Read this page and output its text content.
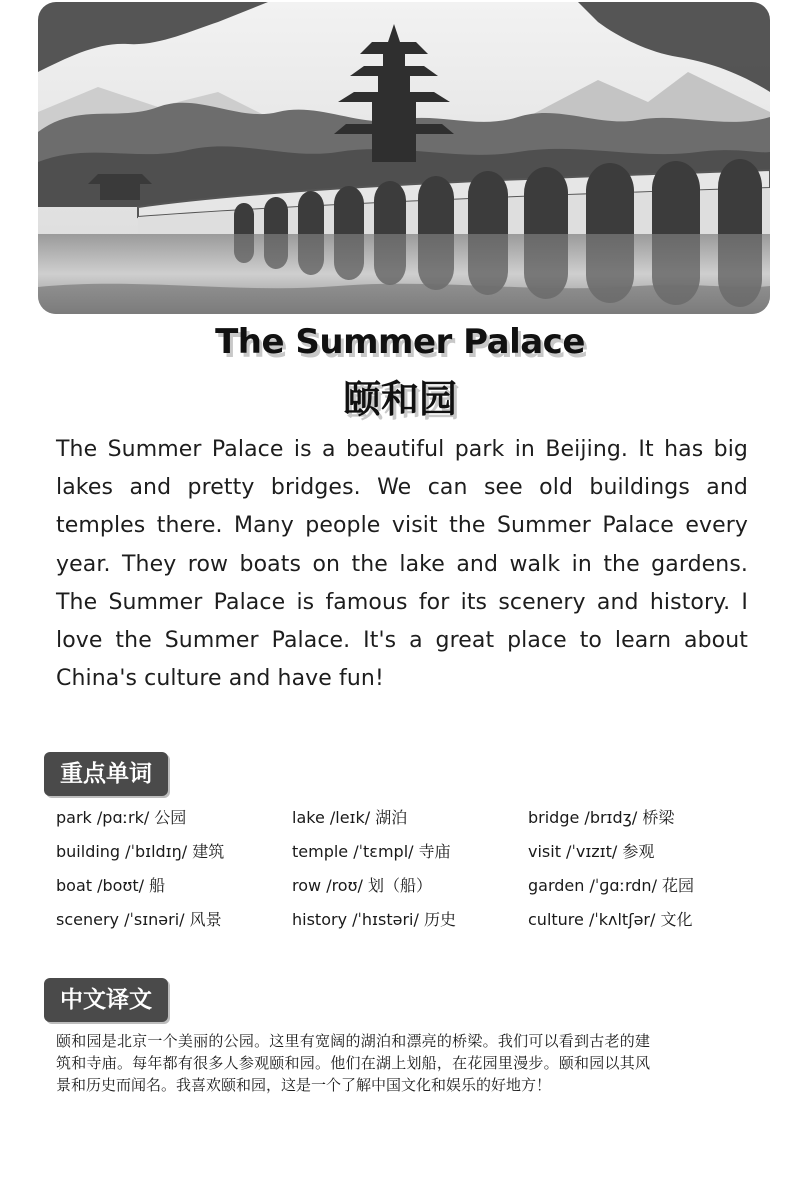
The Summer Palace
颐和园
The Summer Palace is a beautiful park in Beijing. It has big lakes and pretty bridges. We can see old buildings and temples there. Many people visit the Summer Palace every year. They row boats on the lake and walk in the gardens. The Summer Palace is famous for its scenery and history. I love the Summer Palace. It's a great place to learn about China's culture and have fun!
重点单词
park /pɑːrk/ 公园	lake /leɪk/ 湖泊	bridge /brɪdʒ/ 桥梁
building /ˈbɪldɪŋ/ 建筑	temple /ˈtɛmpl/ 寺庙	visit /ˈvɪzɪt/ 参观
boat /boʊt/ 船	row /roʊ/ 划（船）	garden /ˈɡɑːrdn/ 花园
scenery /ˈsɪnəri/ 风景	history /ˈhɪstəri/ 历史	culture /ˈkʌltʃər/ 文化
中文译文
颐和园是北京一个美丽的公园。这里有宽阔的湖泊和漂亮的桥梁。我们可以看到古老的建筑和寺庙。每年都有很多人参观颐和园。他们在湖上划船，在花园里漫步。颐和园以其风景和历史而闻名。我喜欢颐和园，这是一个了解中国文化和娱乐的好地方！
